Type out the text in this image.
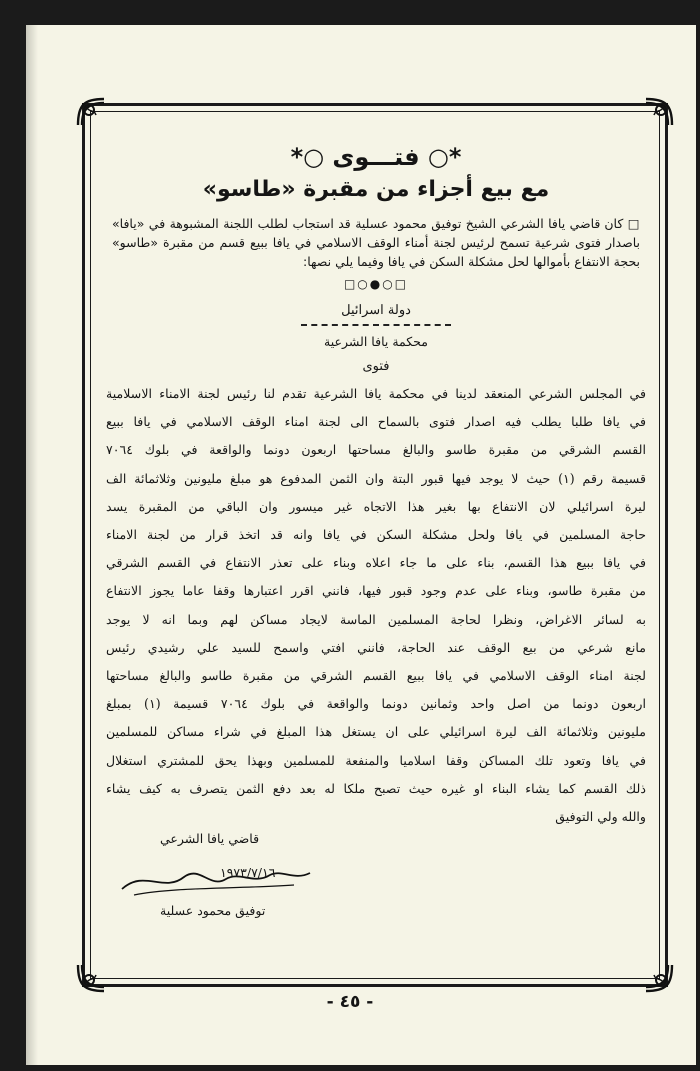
*○ فتـــوى ○*
مع بيع أجزاء من مقبرة «طاسو»

□ كان قاضي يافا الشرعي الشيخ توفيق محمود عسلية قد استجاب لطلب اللجنة المشبوهة في «يافا» باصدار فتوى شرعية تسمح لرئيس لجنة أمناء الوقف الاسلامي في يافا ببيع قسم من مقبرة «طاسو» بحجة الانتفاع بأموالها لحل مشكلة السكن في يافا وفيما يلي نصها:

□○●○□
دولة اسرائيل
محكمة يافا الشرعية
فتوى
في المجلس الشرعي المنعقد لدينا في محكمة يافا الشرعية تقدم لنا رئيس لجنة الامناء الاسلامية
في يافا طلبا يطلب فيه اصدار فتوى بالسماح الى لجنة امناء الوقف الاسلامي في يافا ببيع
القسم الشرقي من مقبرة طاسو والبالغ مساحتها اربعون دونما والواقعة في بلوك ٧٠٦٤
قسيمة رقم (١) حيث لا يوجد فيها قبور البتة وان الثمن المدفوع هو مبلغ مليونين وثلاثمائة الف
ليرة اسرائيلي لان الانتفاع بها بغير هذا الاتجاه غير ميسور وان الباقي من المقبرة يسد
حاجة المسلمين في يافا ولحل مشكلة السكن في يافا وانه قد اتخذ قرار من لجنة الامناء
في يافا ببيع هذا القسم، بناء على ما جاء اعلاه وبناء على تعذر الانتفاع في القسم الشرقي
من مقبرة طاسو، وبناء على عدم وجود قبور فيها، فانني اقرر اعتبارها وقفا عاما يجوز الانتفاع
به لسائر الاغراض، ونظرا لحاجة المسلمين الماسة لايجاد مساكن لهم وبما انه لا يوجد
مانع شرعي من بيع الوقف عند الحاجة، فانني افتي واسمح للسيد علي رشيدي رئيس
لجنة امناء الوقف الاسلامي في يافا ببيع القسم الشرقي من مقبرة طاسو والبالغ مساحتها
اربعون دونما من اصل واحد وثمانين دونما والواقعة في بلوك ٧٠٦٤ قسيمة (١) بمبلغ
مليونين وثلاثمائة الف ليرة اسرائيلي على ان يستغل هذا المبلغ في شراء مساكن للمسلمين
في يافا وتعود تلك المساكن وقفا اسلاميا والمنفعة للمسلمين وبهذا يحق للمشتري استغلال
ذلك القسم كما يشاء البناء او غيره حيث تصبح ملكا له بعد دفع الثمن يتصرف به كيف يشاء
والله ولي التوفيق
قاضي يافا الشرعي
١٩٧٣/٧/١٦
توفيق محمود عسلية
- ٤٥ -
